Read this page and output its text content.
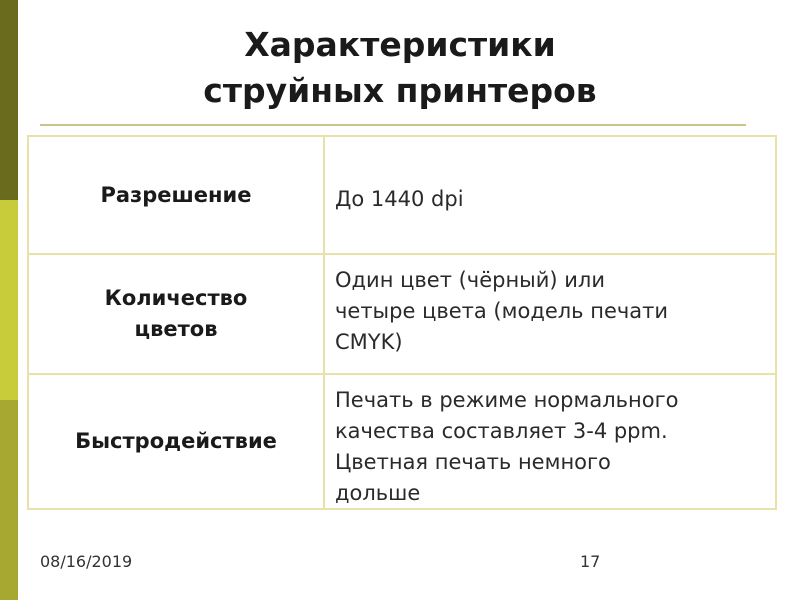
Характеристики
струйных принтеров
Разрешение	До 1440 dpi
Количество
цветов
Один цвет (чёрный) или
четыре цвета (модель печати
CMYK)
Быстродействие
Печать в режиме нормального
качества составляет 3-4 ppm.
Цветная печать немного
дольше
08/16/2019	17
